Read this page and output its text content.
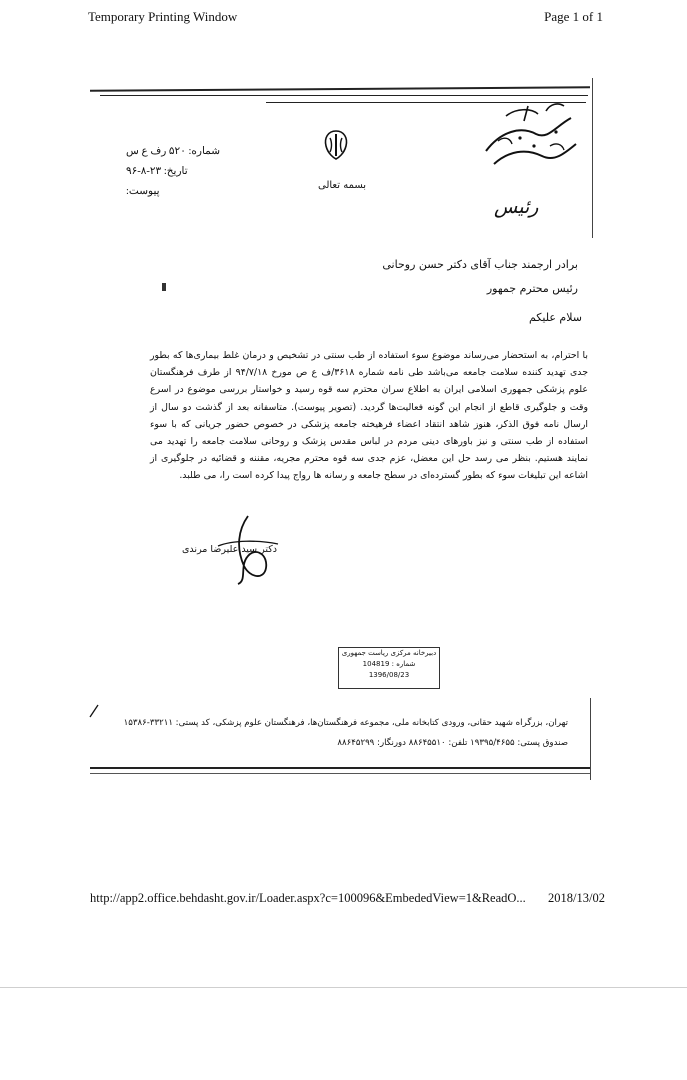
Temporary Printing Window	Page 1 of 1
شماره: ۵۲۰ رف ع س
تاریخ: ۲۳-۸-۹۶
پیوست:
بسمه تعالی
رئیس
برادر ارجمند جناب آقای دکتر حسن روحانی
رئیس محترم جمهور
سلام علیکم
با احترام، به استحضار می‌رساند موضوع سوء استفاده از طب سنتی در تشخیص و درمان غلط بیماری‌ها که بطور جدی تهدید کننده سلامت جامعه می‌باشد طی نامه شماره ۳۶۱۸/ف ع ص مورخ ۹۴/۷/۱۸ از طرف فرهنگستان علوم پزشکی جمهوری اسلامی ایران به اطلاع سران محترم سه قوه رسید و خواستار بررسی موضوع در اسرع وقت و جلوگیری قاطع از انجام این گونه فعالیت‌ها گردید. (تصویر پیوست). متاسفانه بعد از گذشت دو سال از ارسال نامه فوق الذکر، هنوز شاهد انتقاد اعضاء فرهیخته جامعه پزشکی در خصوص حضور جریانی که با سوء استفاده از طب سنتی و نیز باورهای دینی مردم در لباس مقدس پزشک و روحانی سلامت جامعه را تهدید می نمایند هستیم. بنظر می رسد حل این معضل، عزم جدی سه قوه محترم مجریه، مقننه و قضائیه در جلوگیری از اشاعه این تبلیغات سوء که بطور گسترده‌ای در سطح جامعه و رسانه ها رواج پیدا کرده است را، می طلبد.
دکتر سید علیرضا مرندی
دبیرخانه مرکزی ریاست جمهوری
شماره : 104819
1396/08/23
تهران، بزرگراه شهید حقانی، ورودی کتابخانه ملی، مجموعه فرهنگستان‌ها، فرهنگستان علوم پزشکی، کد پستی: ۳۳۲۱۱-۱۵۳۸۶
صندوق پستی: ۱۹۳۹۵/۴۶۵۵ تلفن: ۸۸۶۴۵۵۱۰ دورنگار: ۸۸۶۴۵۲۹۹
http://app2.office.behdasht.gov.ir/Loader.aspx?c=100096&EmbededView=1&ReadO... 2018/13/02
